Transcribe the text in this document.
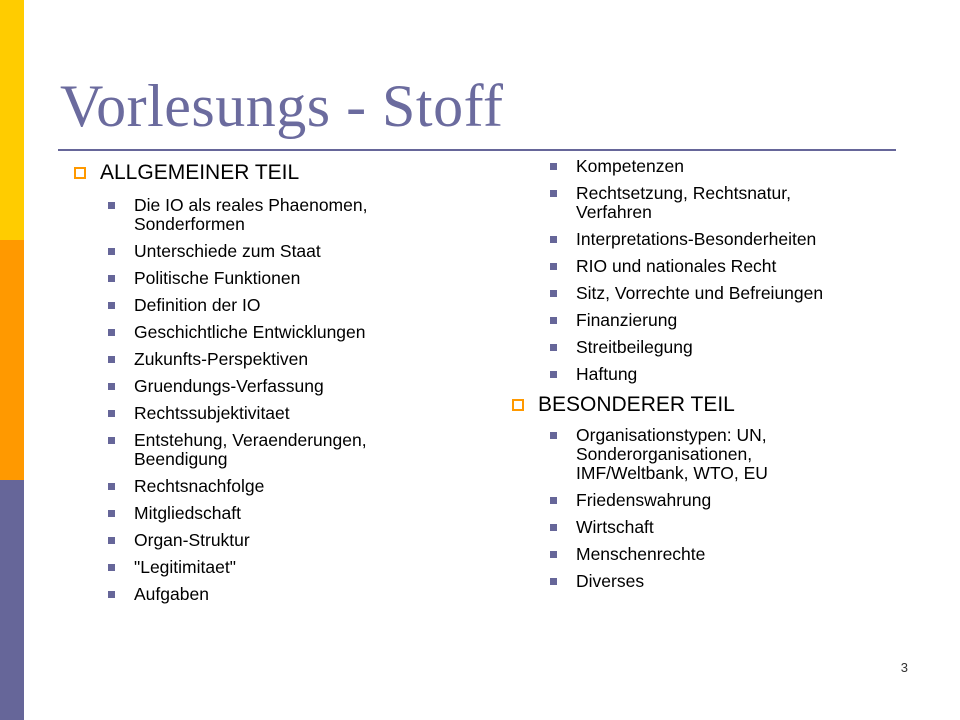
Vorlesungs - Stoff
ALLGEMEINER TEIL
Die IO als reales Phaenomen,
Sonderformen
Unterschiede zum Staat
Politische Funktionen
Definition der IO
Geschichtliche Entwicklungen
Zukunfts-Perspektiven
Gruendungs-Verfassung
Rechtssubjektivitaet
Entstehung, Veraenderungen,
Beendigung
Rechtsnachfolge
Mitgliedschaft
Organ-Struktur
"Legitimitaet"
Aufgaben
Kompetenzen
Rechtsetzung, Rechtsnatur,
Verfahren
Interpretations-Besonderheiten
RIO und nationales Recht
Sitz, Vorrechte und Befreiungen
Finanzierung
Streitbeilegung
Haftung
BESONDERER TEIL
Organisationstypen: UN,
Sonderorganisationen,
IMF/Weltbank, WTO, EU
Friedenswahrung
Wirtschaft
Menschenrechte
Diverses
3
